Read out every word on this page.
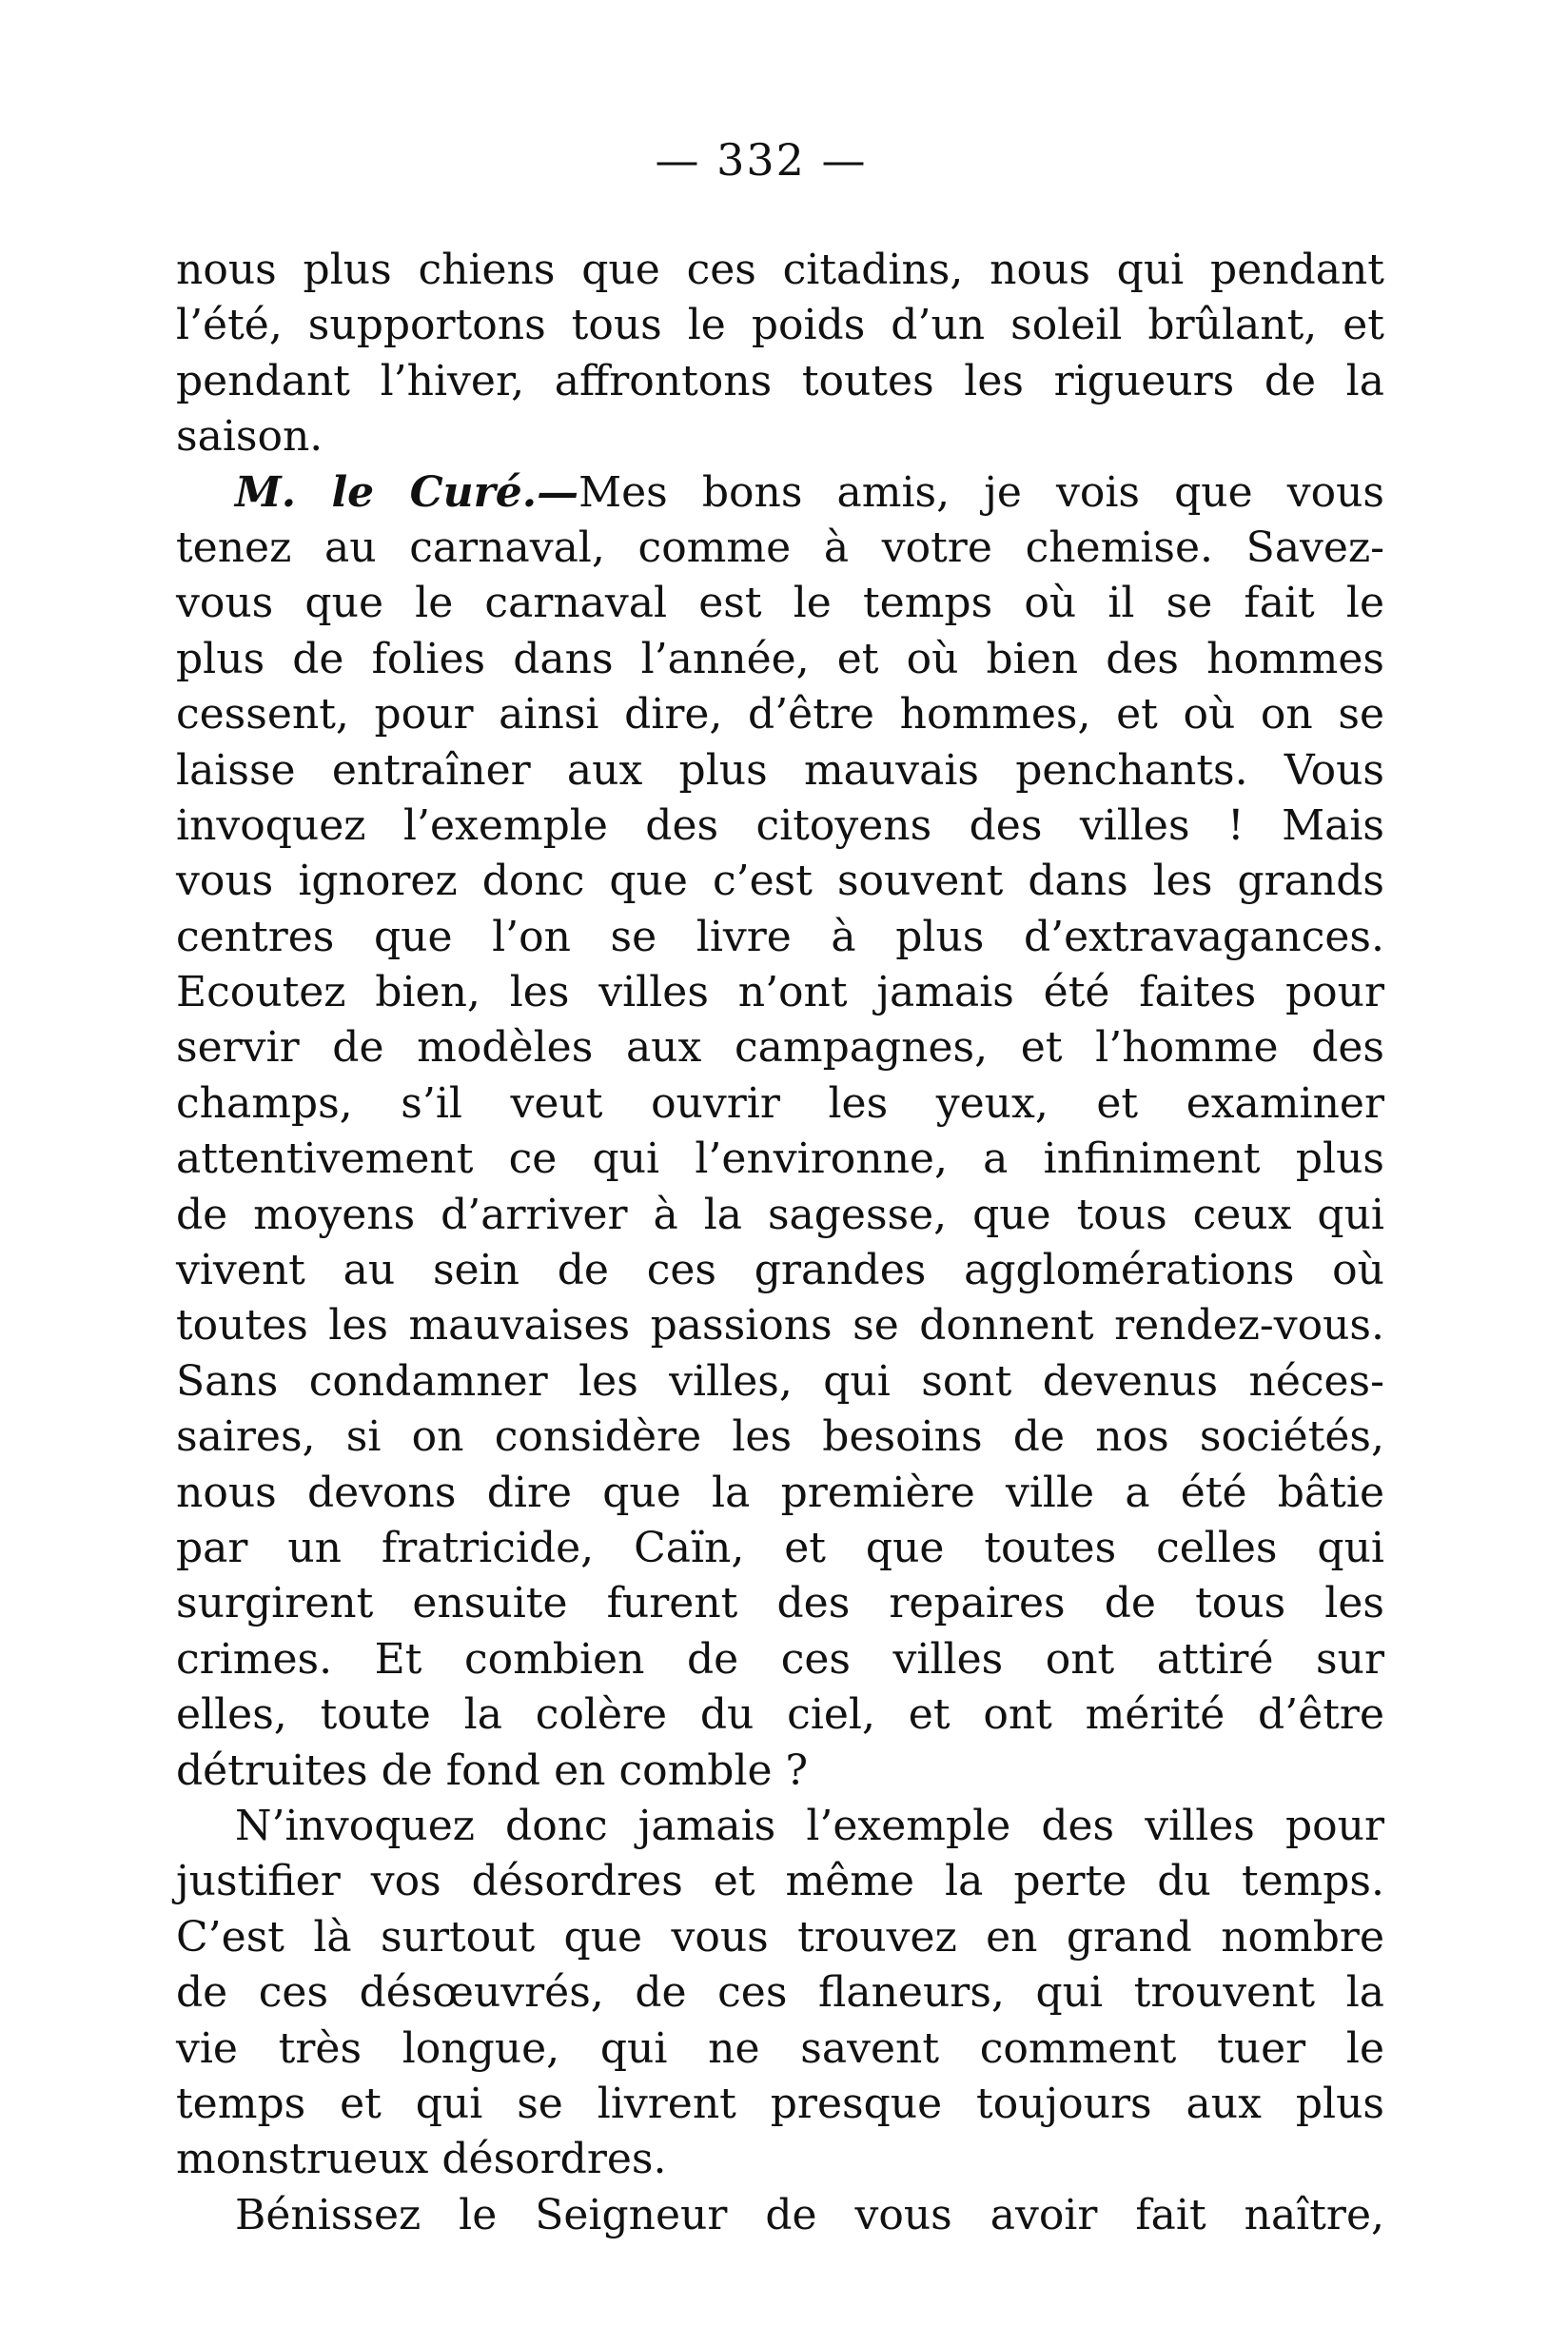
— 332 —
nous plus chiens que ces citadins, nous qui pendant
l’été, supportons tous le poids d’un soleil brûlant, et
pendant l’hiver, affrontons toutes les rigueurs de la
saison.
M. le Curé.—Mes bons amis, je vois que vous
tenez au carnaval, comme à votre chemise. Savez-
vous que le carnaval est le temps où il se fait le
plus de folies dans l’année, et où bien des hommes
cessent, pour ainsi dire, d’être hommes, et où on se
laisse entraîner aux plus mauvais penchants. Vous
invoquez l’exemple des citoyens des villes ! Mais
vous ignorez donc que c’est souvent dans les grands
centres que l’on se livre à plus d’extravagances.
Ecoutez bien, les villes n’ont jamais été faites pour
servir de modèles aux campagnes, et l’homme des
champs, s’il veut ouvrir les yeux, et examiner
attentivement ce qui l’environne, a infiniment plus
de moyens d’arriver à la sagesse, que tous ceux qui
vivent au sein de ces grandes agglomérations où
toutes les mauvaises passions se donnent rendez-vous.
Sans condamner les villes, qui sont devenus néces-
saires, si on considère les besoins de nos sociétés,
nous devons dire que la première ville a été bâtie
par un fratricide, Caïn, et que toutes celles qui
surgirent ensuite furent des repaires de tous les
crimes. Et combien de ces villes ont attiré sur
elles, toute la colère du ciel, et ont mérité d’être
détruites de fond en comble ?
N’invoquez donc jamais l’exemple des villes pour
justifier vos désordres et même la perte du temps.
C’est là surtout que vous trouvez en grand nombre
de ces désœuvrés, de ces flaneurs, qui trouvent la
vie très longue, qui ne savent comment tuer le
temps et qui se livrent presque toujours aux plus
monstrueux désordres.
Bénissez le Seigneur de vous avoir fait naître,
